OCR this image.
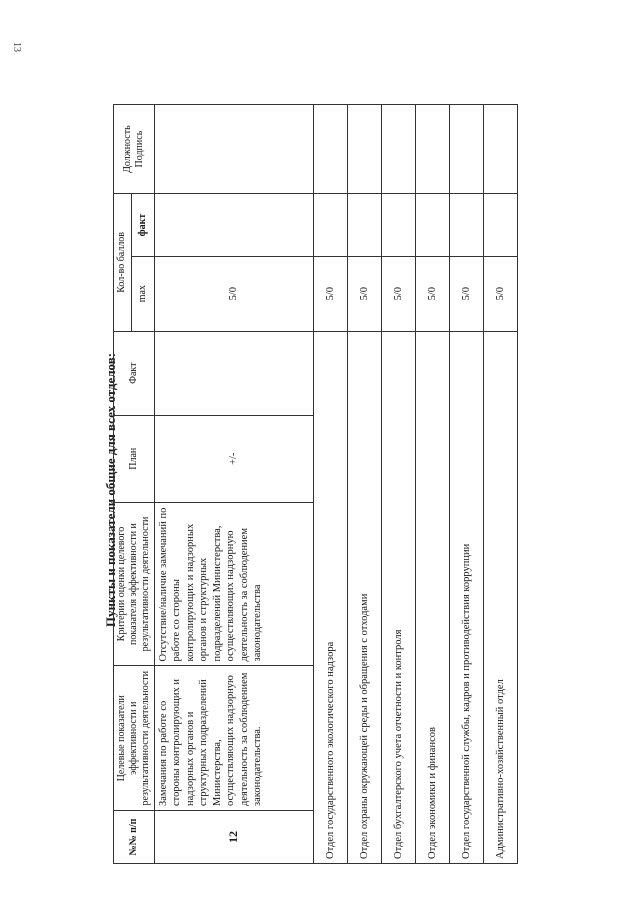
13
Пункты и показатели общие для всех отделов:
№№ п/п	Целевые показатели эффективности и результативности деятельности	Критерии оценки целевого показателя эффективности и результативности деятельности	План	Факт	Кол-во баллов		Должность Подпись
					max	факт	
12	Замечания по работе со стороны контролирующих и надзорных органов и структурных подразделений Министерства, осуществляющих надзорную деятельность за соблюдением законодательства.	Отсутствие/наличие замечаний по работе со стороны контролирующих и надзорных органов и структурных подразделений Министерства, осуществляющих надзорную деятельность за соблюдением законодательства	+/-		5/0		
Отдел государственного экологического надзора					5/0		
Отдел охраны окружающей среды и обращения с отходами					5/0		
Отдел бухгалтерского учета отчетности и контроля					5/0		
Отдел экономики и финансов					5/0		
Отдел государственной службы, кадров и противодействия коррупции					5/0		
Административно-хозяйственный отдел					5/0		
